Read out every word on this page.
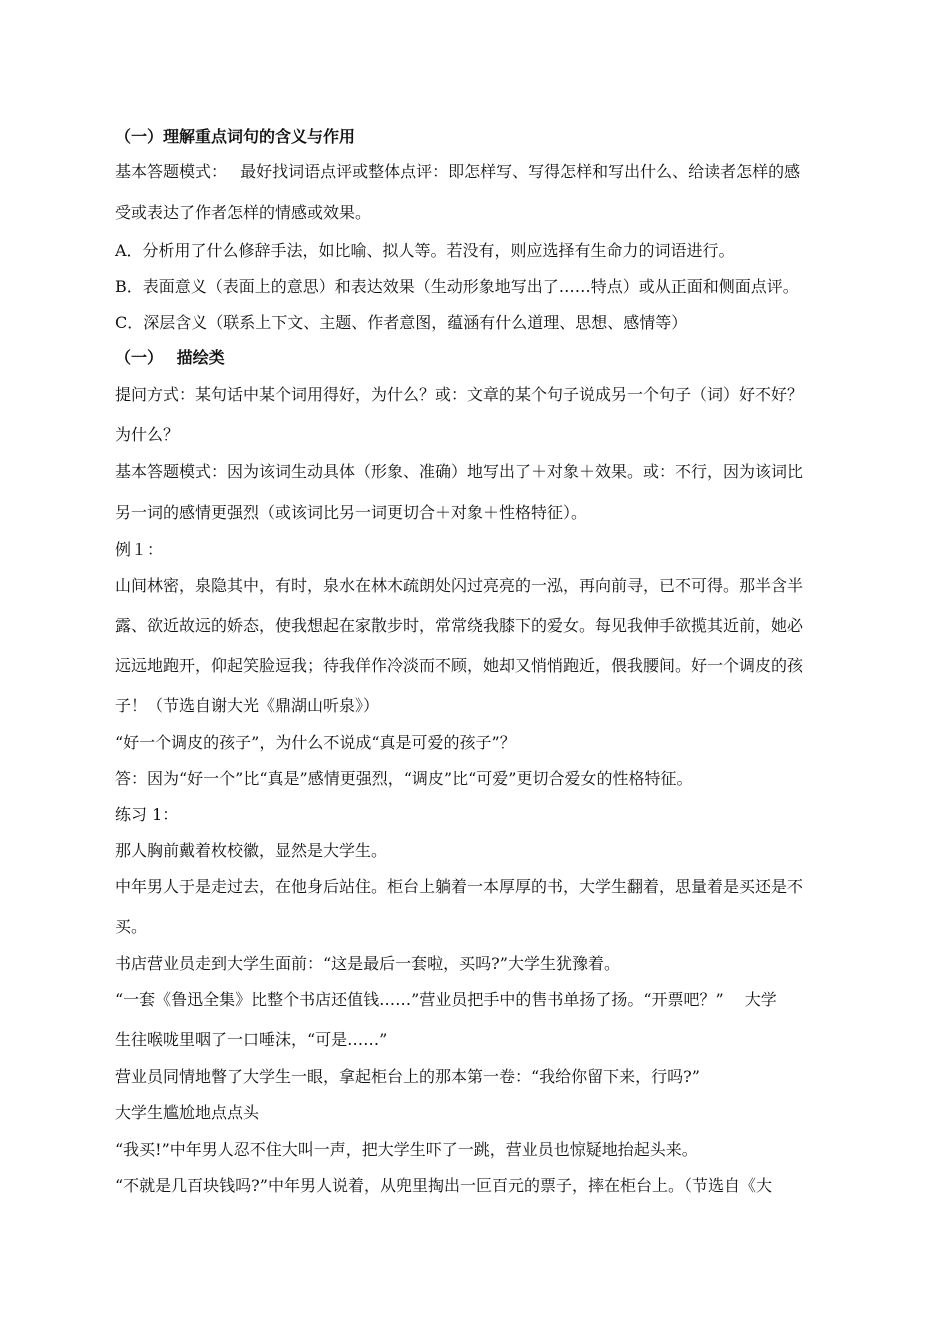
（一）理解重点词句的含义与作用
基本答题模式：　 最好找词语点评或整体点评：即怎样写、写得怎样和写出什么、给读者怎样的感
受或表达了作者怎样的情感或效果。
A．分析用了什么修辞手法，如比喻、拟人等。若没有，则应选择有生命力的词语进行。
B．表面意义（表面上的意思）和表达效果（生动形象地写出了……特点）或从正面和侧面点评。
C．深层含义（联系上下文、主题、作者意图，蕴涵有什么道理、思想、感情等）
（一）　 描绘类
提问方式：某句话中某个词用得好，为什么？或：文章的某个句子说成另一个句子（词）好不好？
为什么？
基本答题模式：因为该词生动具体（形象、准确）地写出了＋对象＋效果。或：不行，因为该词比
另一词的感情更强烈（或该词比另一词更切合＋对象＋性格特征）。
例１：
山间林密，泉隐其中，有时，泉水在林木疏朗处闪过亮亮的一泓，再向前寻，已不可得。那半含半
露、欲近故远的娇态，使我想起在家散步时，常常绕我膝下的爱女。每见我伸手欲揽其近前，她必
远远地跑开，仰起笑脸逗我；待我佯作冷淡而不顾，她却又悄悄跑近，偎我腰间。好一个调皮的孩
子！（节选自谢大光《鼎湖山听泉》）
“好一个调皮的孩子”，为什么不说成“真是可爱的孩子”？
答：因为“好一个”比“真是”感情更强烈，“调皮”比“可爱”更切合爱女的性格特征。
练习 1：
那人胸前戴着枚校徽，显然是大学生。
中年男人于是走过去，在他身后站住。柜台上躺着一本厚厚的书，大学生翻着，思量着是买还是不
买。
书店营业员走到大学生面前：“这是最后一套啦，买吗?”大学生犹豫着。
“一套《鲁迅全集》比整个书店还值钱……”营业员把手中的售书单扬了扬。“开票吧？”　 大学
生往喉咙里咽了一口唾沫，“可是……”
营业员同情地瞥了大学生一眼，拿起柜台上的那本第一卷：“我给你留下来，行吗?”
大学生尴尬地点点头
“我买!”中年男人忍不住大叫一声，把大学生吓了一跳，营业员也惊疑地抬起头来。
“不就是几百块钱吗?”中年男人说着，从兜里掏出一叵百元的票子，摔在柜台上。（节选自《大
